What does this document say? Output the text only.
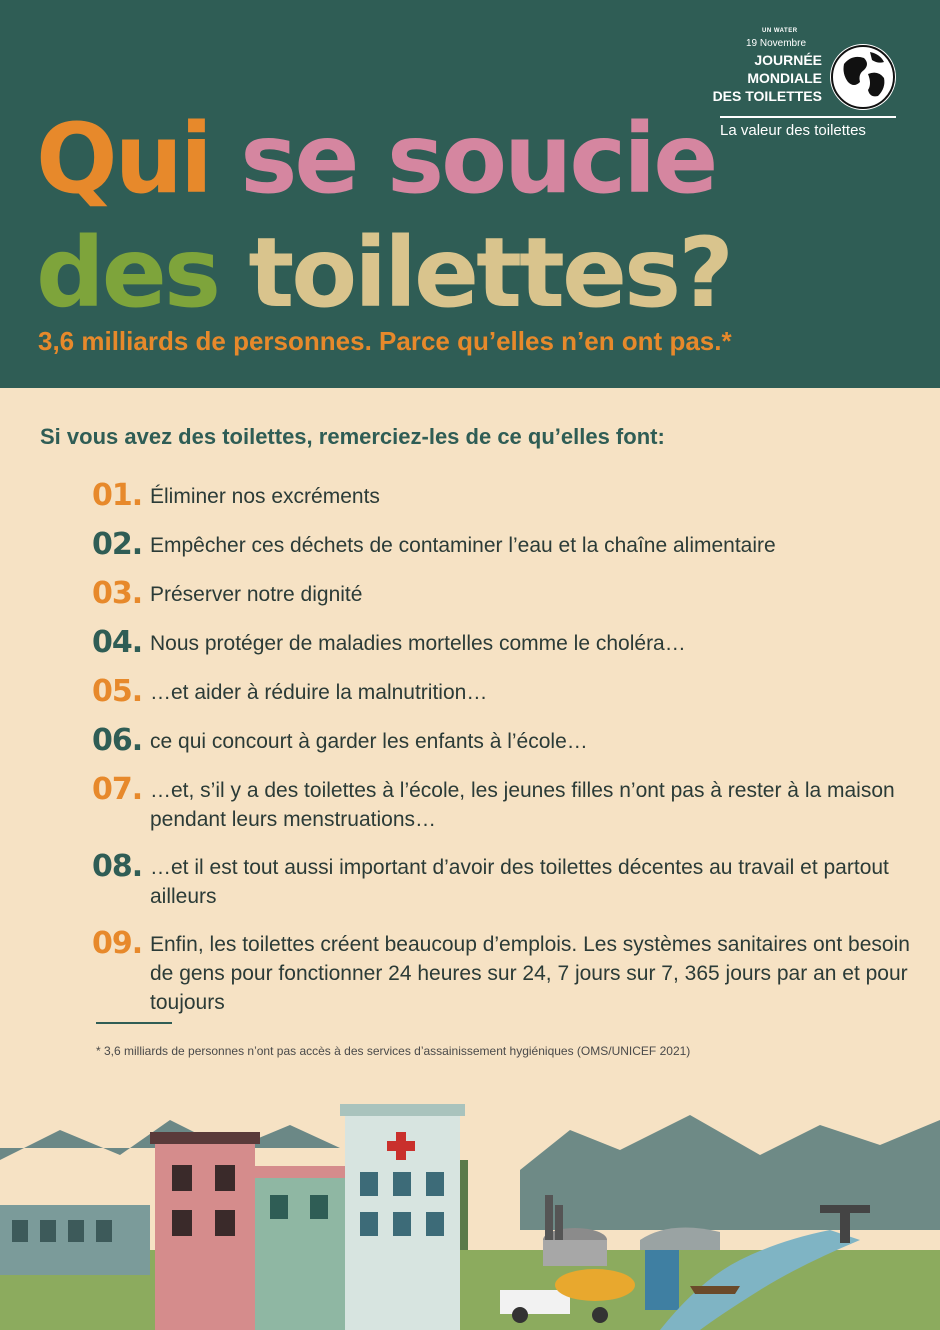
UN WATER
19 Novembre
JOURNÉE
MONDIALE
DES TOILETTES
La valeur des toilettes
Qui se soucie
des toilettes?

3,6 milliards de personnes. Parce qu’elles n’en ont pas.*

Si vous avez des toilettes, remerciez-les de ce qu’elles font:

01. Éliminer nos excréments
02. Empêcher ces déchets de contaminer l’eau et la chaîne alimentaire
03. Préserver notre dignité
04. Nous protéger de maladies mortelles comme le choléra…
05. …et aider à réduire la malnutrition…
06. ce qui concourt à garder les enfants à l’école…
07. …et, s’il y a des toilettes à l’école, les jeunes filles n’ont pas à rester à la maison pendant leurs menstruations…
08. …et il est tout aussi important d’avoir des toilettes décentes au travail et partout ailleurs
09. Enfin, les toilettes créent beaucoup d’emplois. Les systèmes sanitaires ont besoin de gens pour fonctionner 24 heures sur 24, 7 jours sur 7, 365 jours par an et pour toujours

* 3,6 milliards de personnes n’ont pas accès à des services d’assainissement hygiéniques (OMS/UNICEF 2021)
